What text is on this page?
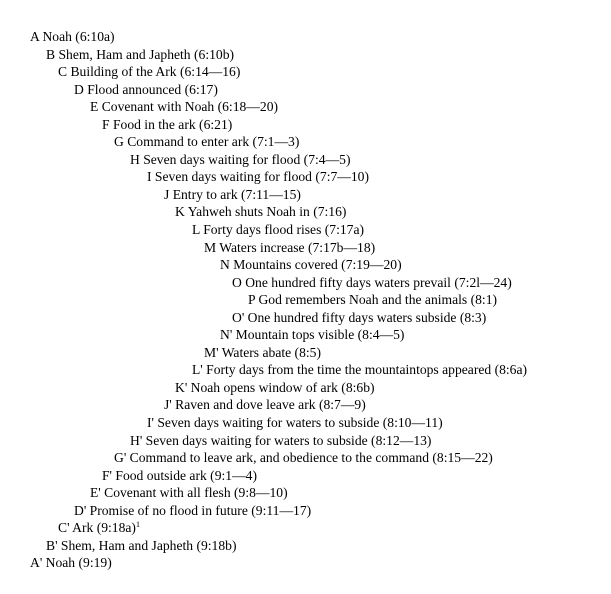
A Noah (6:10a)
B Shem, Ham and Japheth (6:10b)
C Building of the Ark (6:14—16)
D Flood announced (6:17)
E Covenant with Noah (6:18—20)
F Food in the ark (6:21)
G Command to enter ark (7:1—3)
H Seven days waiting for flood (7:4—5)
I Seven days waiting for flood (7:7—10)
J Entry to ark (7:11—15)
K Yahweh shuts Noah in (7:16)
L Forty days flood rises (7:17a)
M Waters increase (7:17b—18)
N Mountains covered (7:19—20)
O One hundred fifty days waters prevail (7:2l—24)
P God remembers Noah and the animals (8:1)
O' One hundred fifty days waters subside (8:3)
N' Mountain tops visible (8:4—5)
M' Waters abate (8:5)
L' Forty days from the time the mountaintops appeared (8:6a)
K' Noah opens window of ark (8:6b)
J' Raven and dove leave ark (8:7—9)
I' Seven days waiting for waters to subside (8:10—11)
H' Seven days waiting for waters to subside (8:12—13)
G' Command to leave ark, and obedience to the command (8:15—22)
F' Food outside ark (9:1—4)
E' Covenant with all flesh (9:8—10)
D' Promise of no flood in future (9:11—17)
C' Ark (9:18a)$^1$
B' Shem, Ham and Japheth (9:18b)
A' Noah (9:19)
